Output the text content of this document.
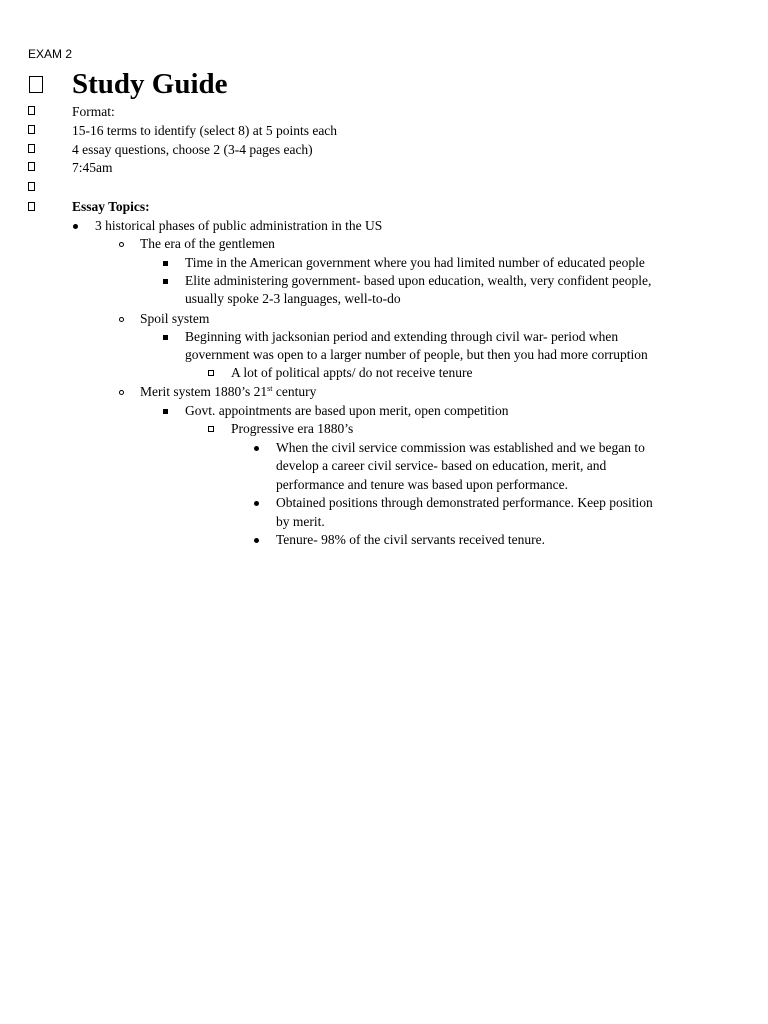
EXAM 2
Study Guide
Format:
15-16 terms to identify (select 8) at 5 points each
4 essay questions, choose 2 (3-4 pages each)
7:45am
Essay Topics:
3 historical phases of public administration in the US
The era of the gentlemen
Time in the American government where you had limited number of educated people
Elite administering government- based upon education, wealth, very confident people,
usually spoke 2-3 languages, well-to-do
Spoil system
Beginning with jacksonian period and extending through civil war- period when
government was open to a larger number of people, but then you had more corruption
A lot of political appts/ do not receive tenure
Merit system 1880’s 21st century
Govt. appointments are based upon merit, open competition
Progressive era 1880’s
When the civil service commission was established and we began to
develop a career civil service- based on education, merit, and
performance and tenure was based upon performance.
Obtained positions through demonstrated performance. Keep position
by merit.
Tenure- 98% of the civil servants received tenure.
